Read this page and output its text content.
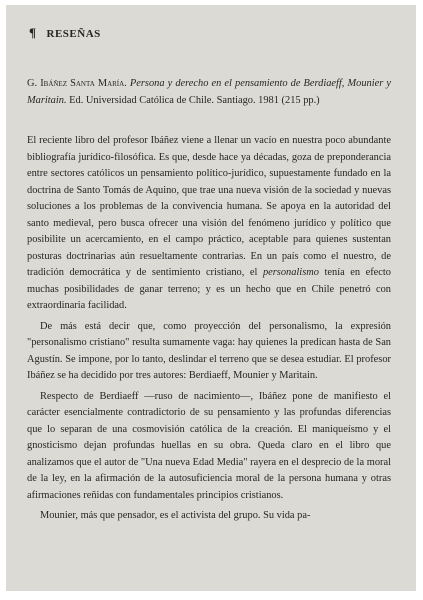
¶ RESEÑAS
G. Ibáñez Santa María. Persona y derecho en el pensamiento de Berdiaeff, Mounier y Maritain. Ed. Universidad Católica de Chile. Santiago. 1981 (215 pp.)

El reciente libro del profesor Ibáñez viene a llenar un vacío en nuestra poco abundante bibliografía jurídico-filosófica. Es que, desde hace ya décadas, goza de preponderancia entre sectores católicos un pensamiento político-jurídico, supuestamente fundado en la doctrina de Santo Tomás de Aquino, que trae una nueva visión de la sociedad y nuevas soluciones a los problemas de la convivencia humana. Se apoya en la autoridad del santo medieval, pero busca ofrecer una visión del fenómeno jurídico y político que posibilite un acercamiento, en el campo práctico, aceptable para quienes sustentan posturas doctrinarias aún resueltamente contrarias. En un país como el nuestro, de tradición democrática y de sentimiento cristiano, el personalismo tenía en efecto muchas posibilidades de ganar terreno; y es un hecho que en Chile penetró con extraordinaria facilidad.

De más está decir que, como proyección del personalismo, la expresión "personalismo cristiano" resulta sumamente vaga: hay quienes la predican hasta de San Agustín. Se impone, por lo tanto, deslindar el terreno que se desea estudiar. El profesor Ibáñez se ha decidido por tres autores: Berdiaeff, Mounier y Maritain.

Respecto de Berdiaeff —ruso de nacimiento—, Ibáñez pone de manifiesto el carácter esencialmente contradictorio de su pensamiento y las profundas diferencias que lo separan de una cosmovisión católica de la creación. El maniqueísmo y el gnosticismo dejan profundas huellas en su obra. Queda claro en el libro que analizamos que el autor de "Una nueva Edad Media" rayera en el desprecio de la moral de la ley, en la afirmación de la autosuficiencia moral de la persona humana y otras afirmaciones reñidas con fundamentales principios cristianos.

Mounier, más que pensador, es el activista del grupo. Su vida pa-
